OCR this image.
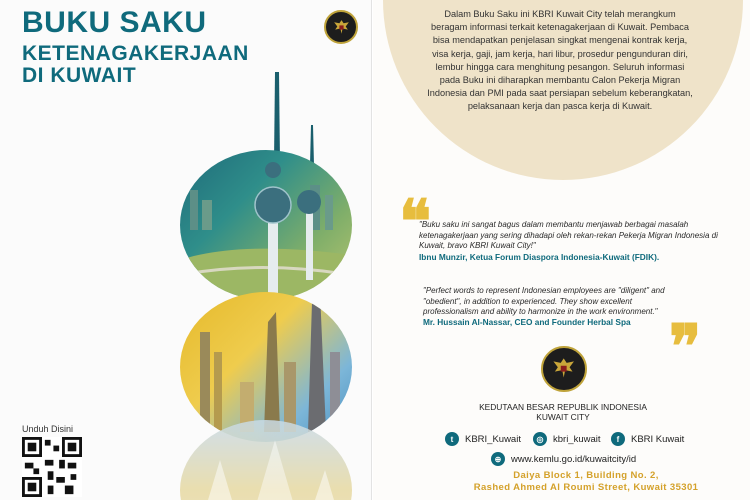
BUKU SAKU
KETENAGAKERJAAN
DI KUWAIT
Unduh Disini
Dalam Buku Saku ini KBRI Kuwait City telah merangkum beragam informasi terkait ketenagakerjaan di Kuwait. Pembaca bisa mendapatkan penjelasan singkat mengenai kontrak kerja, visa kerja, gaji, jam kerja, hari libur, prosedur pengunduran diri, lembur hingga cara menghitung pesangon. Seluruh informasi pada Buku ini diharapkan membantu Calon Pekerja Migran Indonesia dan PMI pada saat persiapan sebelum keberangkatan, pelaksanaan kerja dan pasca kerja di Kuwait.
❝
"Buku saku ini sangat bagus dalam membantu menjawab berbagai masalah ketenagakerjaan yang sering dihadapi oleh rekan-rekan Pekerja Migran Indonesia di Kuwait, bravo KBRI Kuwait City!"
Ibnu Munzir, Ketua Forum Diaspora Indonesia-Kuwait (FDIK).
"Perfect words to represent Indonesian employees are "diligent" and "obedient", in addition to experienced. They show excellent professionalism and ability to harmonize in the work environment."
Mr. Hussain Al-Nassar, CEO and Founder Herbal Spa ❝
KEDUTAAN BESAR REPUBLIK INDONESIA
KUWAIT CITY
t	KBRI_Kuwait	◎	kbri_kuwait	f	KBRI Kuwait
⊕	www.kemlu.go.id/kuwaitcity/id
Daiya Block 1, Building No. 2,
Rashed Ahmed Al Roumi Street, Kuwait 35301
